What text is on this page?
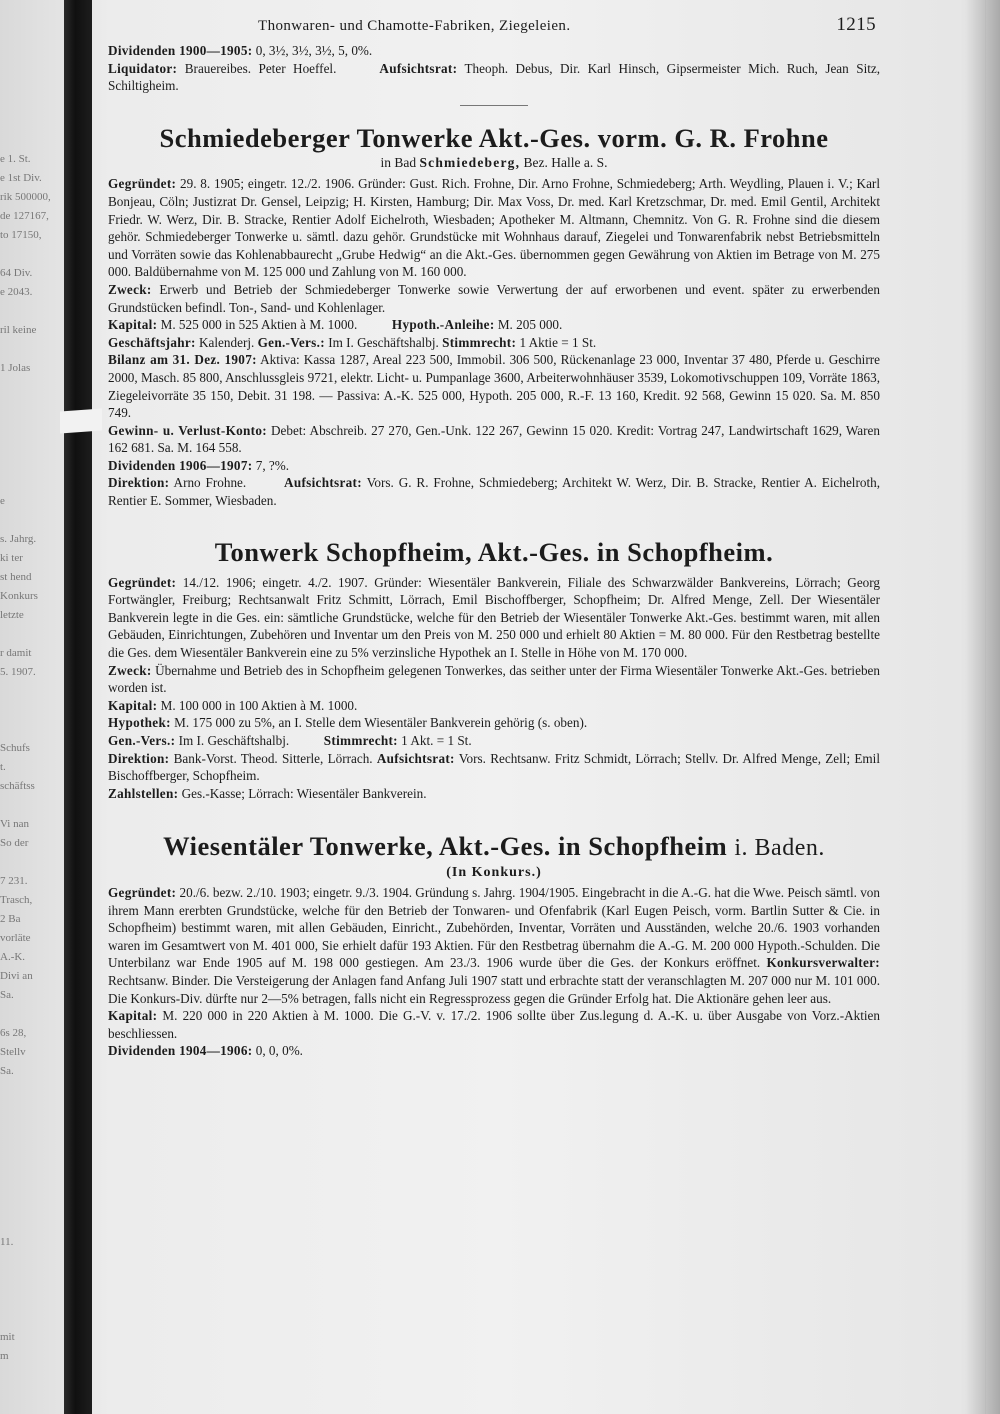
e 1. St.
e 1st Div.
rik 500000,
de 127167,
to 17150,

64 Div.
e 2043.

ril keine

1 Jolas

e

s. Jahrg.
ki ter
st hend
Konkurs
letzte

r damit
5. 1907.

Schufs
t.
schäftss

Vi nan
So der

7 231.
Trasch,
2 Ba
vorläte
A.-K.
Divi an
Sa.

6s 28,
Stellv
Sa.

11.

mit
m
Thonwaren- und Chamotte-Fabriken, Ziegeleien.	1215

Dividenden 1900—1905: 0, 3½, 3½, 3½, 5, 0%.

Liquidator: Brauereibes. Peter Hoeffel.	Aufsichtsrat: Theoph. Debus, Dir. Karl Hinsch, Gipsermeister Mich. Ruch, Jean Sitz, Schiltigheim.

Schmiedeberger Tonwerke Akt.-Ges. vorm. G. R. Frohne
in Bad Schmiedeberg, Bez. Halle a. S.

Gegründet: 29. 8. 1905; eingetr. 12./2. 1906. Gründer: Gust. Rich. Frohne, Dir. Arno Frohne, Schmiedeberg; Arth. Weydling, Plauen i. V.; Karl Bonjeau, Cöln; Justizrat Dr. Gensel, Leipzig; H. Kirsten, Hamburg; Dir. Max Voss, Dr. med. Karl Kretzschmar, Dr. med. Emil Gentil, Architekt Friedr. W. Werz, Dir. B. Stracke, Rentier Adolf Eichelroth, Wiesbaden; Apotheker M. Altmann, Chemnitz. Von G. R. Frohne sind die diesem gehör. Schmiedeberger Tonwerke u. sämtl. dazu gehör. Grundstücke mit Wohnhaus darauf, Ziegelei und Tonwarenfabrik nebst Betriebsmitteln und Vorräten sowie das Kohlenabbaurecht „Grube Hedwig“ an die Akt.-Ges. übernommen gegen Gewährung von Aktien im Betrage von M. 275 000. Baldübernahme von M. 125 000 und Zahlung von M. 160 000.

Zweck: Erwerb und Betrieb der Schmiedeberger Tonwerke sowie Verwertung der auf erworbenen und event. später zu erwerbenden Grundstücken befindl. Ton-, Sand- und Kohlenlager.

Kapital: M. 525 000 in 525 Aktien à M. 1000.	Hypoth.-Anleihe: M. 205 000.

Geschäftsjahr: Kalenderj. Gen.-Vers.: Im I. Geschäftshalbj. Stimmrecht: 1 Aktie = 1 St.

Bilanz am 31. Dez. 1907: Aktiva: Kassa 1287, Areal 223 500, Immobil. 306 500, Rückenanlage 23 000, Inventar 37 480, Pferde u. Geschirre 2000, Masch. 85 800, Anschlussgleis 9721, elektr. Licht- u. Pumpanlage 3600, Arbeiterwohnhäuser 3539, Lokomotivschuppen 109, Vorräte 1863, Ziegeleivorräte 35 150, Debit. 31 198. — Passiva: A.-K. 525 000, Hypoth. 205 000, R.-F. 13 160, Kredit. 92 568, Gewinn 15 020. Sa. M. 850 749.

Gewinn- u. Verlust-Konto: Debet: Abschreib. 27 270, Gen.-Unk. 122 267, Gewinn 15 020. Kredit: Vortrag 247, Landwirtschaft 1629, Waren 162 681. Sa. M. 164 558.

Dividenden 1906—1907: 7, ?%.

Direktion: Arno Frohne.	Aufsichtsrat: Vors. G. R. Frohne, Schmiedeberg; Architekt W. Werz, Dir. B. Stracke, Rentier A. Eichelroth, Rentier E. Sommer, Wiesbaden.

Tonwerk Schopfheim, Akt.-Ges. in Schopfheim.

Gegründet: 14./12. 1906; eingetr. 4./2. 1907. Gründer: Wiesentäler Bankverein, Filiale des Schwarzwälder Bankvereins, Lörrach; Georg Fortwängler, Freiburg; Rechtsanwalt Fritz Schmitt, Lörrach, Emil Bischoffberger, Schopfheim; Dr. Alfred Menge, Zell. Der Wiesentäler Bankverein legte in die Ges. ein: sämtliche Grundstücke, welche für den Betrieb der Wiesentäler Tonwerke Akt.-Ges. bestimmt waren, mit allen Gebäuden, Einrichtungen, Zubehören und Inventar um den Preis von M. 250 000 und erhielt 80 Aktien = M. 80 000. Für den Restbetrag bestellte die Ges. dem Wiesentäler Bankverein eine zu 5% verzinsliche Hypothek an I. Stelle in Höhe von M. 170 000.

Zweck: Übernahme und Betrieb des in Schopfheim gelegenen Tonwerkes, das seither unter der Firma Wiesentäler Tonwerke Akt.-Ges. betrieben worden ist.

Kapital: M. 100 000 in 100 Aktien à M. 1000.

Hypothek: M. 175 000 zu 5%, an I. Stelle dem Wiesentäler Bankverein gehörig (s. oben).

Gen.-Vers.: Im I. Geschäftshalbj.	Stimmrecht: 1 Akt. = 1 St.

Direktion: Bank-Vorst. Theod. Sitterle, Lörrach. Aufsichtsrat: Vors. Rechtsanw. Fritz Schmidt, Lörrach; Stellv. Dr. Alfred Menge, Zell; Emil Bischoffberger, Schopfheim.

Zahlstellen: Ges.-Kasse; Lörrach: Wiesentäler Bankverein.

Wiesentäler Tonwerke, Akt.-Ges. in Schopfheim i. Baden.
(In Konkurs.)

Gegründet: 20./6. bezw. 2./10. 1903; eingetr. 9./3. 1904. Gründung s. Jahrg. 1904/1905. Eingebracht in die A.-G. hat die Wwe. Peisch sämtl. von ihrem Mann ererbten Grundstücke, welche für den Betrieb der Tonwaren- und Ofenfabrik (Karl Eugen Peisch, vorm. Bartlin Sutter & Cie. in Schopfheim) bestimmt waren, mit allen Gebäuden, Einricht., Zubehörden, Inventar, Vorräten und Ausständen, welche 20./6. 1903 vorhanden waren im Gesamtwert von M. 401 000, Sie erhielt dafür 193 Aktien. Für den Restbetrag übernahm die A.-G. M. 200 000 Hypoth.-Schulden. Die Unterbilanz war Ende 1905 auf M. 198 000 gestiegen. Am 23./3. 1906 wurde über die Ges. der Konkurs eröffnet. Konkursverwalter: Rechtsanw. Binder. Die Versteigerung der Anlagen fand Anfang Juli 1907 statt und erbrachte statt der veranschlagten M. 207 000 nur M. 101 000. Die Konkurs-Div. dürfte nur 2—5% betragen, falls nicht ein Regressprozess gegen die Gründer Erfolg hat. Die Aktionäre gehen leer aus.

Kapital: M. 220 000 in 220 Aktien à M. 1000. Die G.-V. v. 17./2. 1906 sollte über Zus.legung d. A.-K. u. über Ausgabe von Vorz.-Aktien beschliessen.

Dividenden 1904—1906: 0, 0, 0%.
